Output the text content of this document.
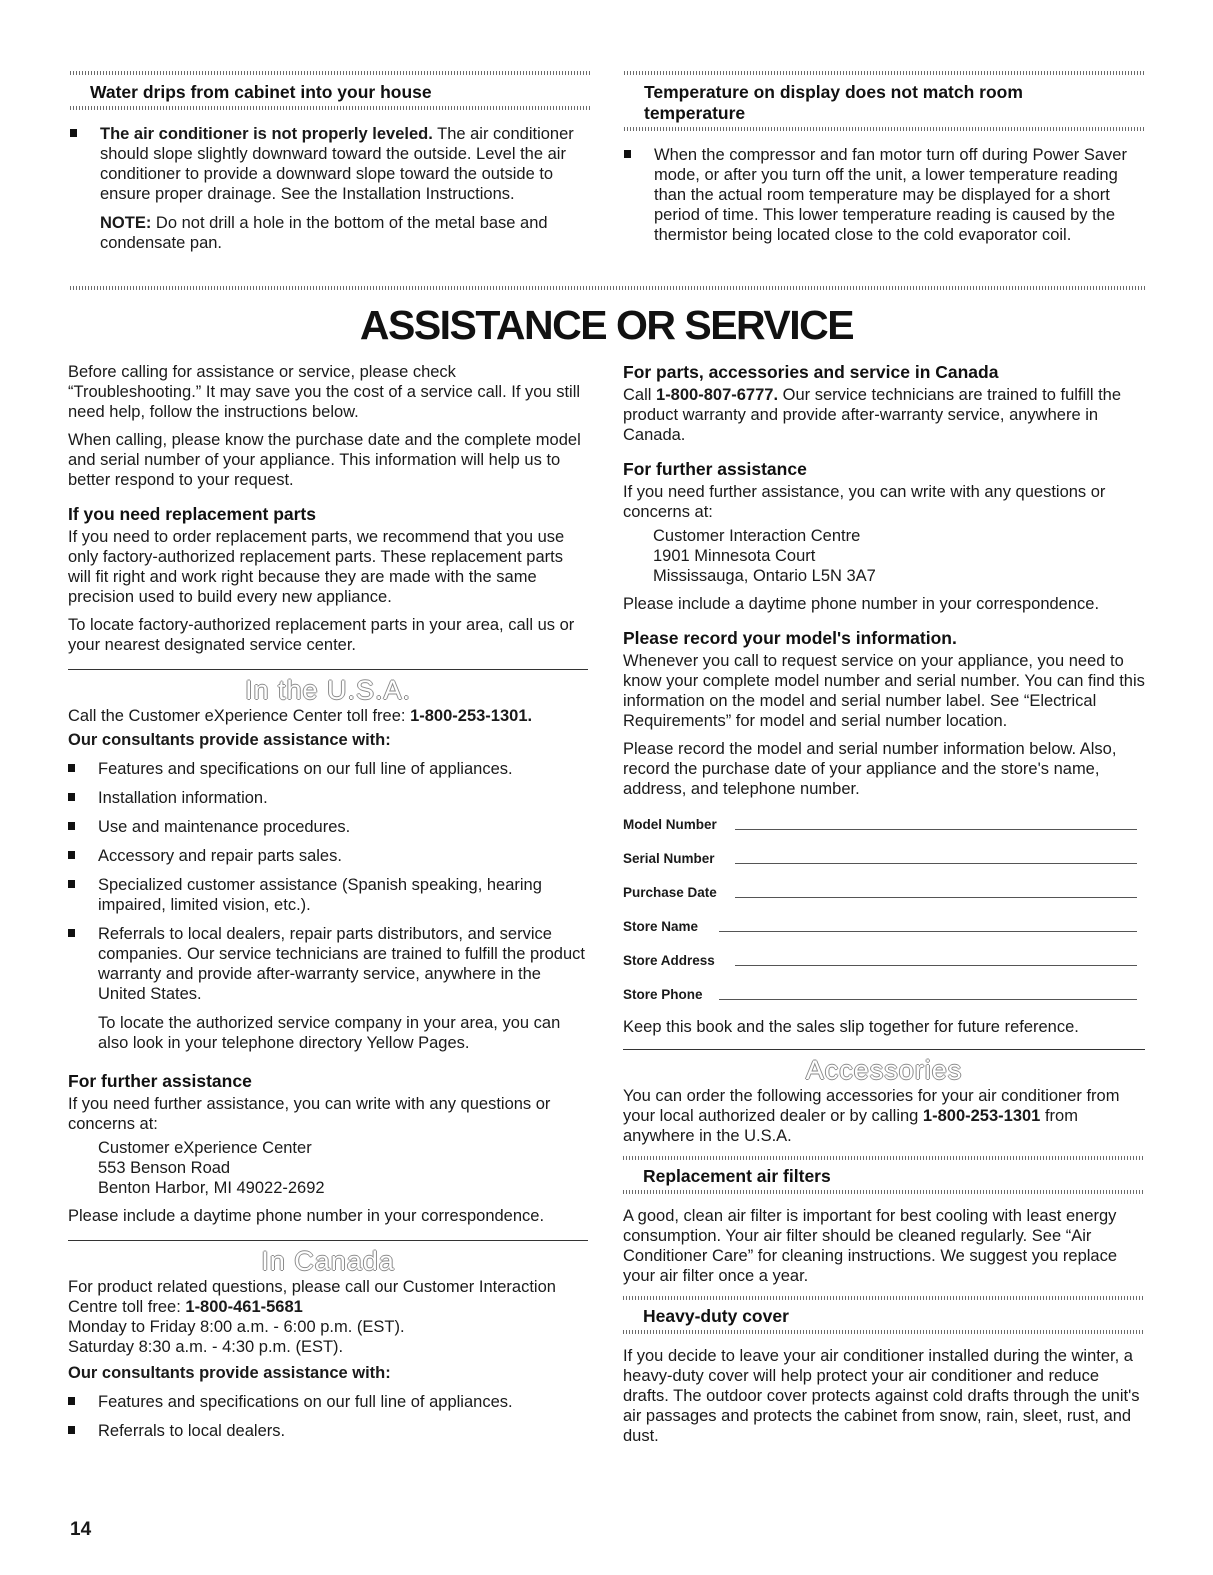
Water drips from cabinet into your house
The air conditioner is not properly leveled. The air conditioner should slope slightly downward toward the outside. Level the air conditioner to provide a downward slope toward the outside to ensure proper drainage. See the Installation Instructions.
NOTE: Do not drill a hole in the bottom of the metal base and condensate pan.
Temperature on display does not match room temperature
When the compressor and fan motor turn off during Power Saver mode, or after you turn off the unit, a lower temperature reading than the actual room temperature may be displayed for a short period of time. This lower temperature reading is caused by the thermistor being located close to the cold evaporator coil.
ASSISTANCE OR SERVICE
Before calling for assistance or service, please check “Troubleshooting.” It may save you the cost of a service call. If you still need help, follow the instructions below.
When calling, please know the purchase date and the complete model and serial number of your appliance. This information will help us to better respond to your request.
If you need replacement parts
If you need to order replacement parts, we recommend that you use only factory-authorized replacement parts. These replacement parts will fit right and work right because they are made with the same precision used to build every new appliance.
To locate factory-authorized replacement parts in your area, call us or your nearest designated service center.
In the U.S.A.
Call the Customer eXperience Center toll free: 1-800-253-1301.
Our consultants provide assistance with:
Features and specifications on our full line of appliances.
Installation information.
Use and maintenance procedures.
Accessory and repair parts sales.
Specialized customer assistance (Spanish speaking, hearing impaired, limited vision, etc.).
Referrals to local dealers, repair parts distributors, and service companies. Our service technicians are trained to fulfill the product warranty and provide after-warranty service, anywhere in the United States.
To locate the authorized service company in your area, you can also look in your telephone directory Yellow Pages.
For further assistance
If you need further assistance, you can write with any questions or concerns at:
Customer eXperience Center
553 Benson Road
Benton Harbor, MI 49022-2692
Please include a daytime phone number in your correspondence.
In Canada
For product related questions, please call our Customer Interaction Centre toll free: 1-800-461-5681
Monday to Friday 8:00 a.m. - 6:00 p.m. (EST).
Saturday 8:30 a.m. - 4:30 p.m. (EST).
Our consultants provide assistance with:
Features and specifications on our full line of appliances.
Referrals to local dealers.
For parts, accessories and service in Canada
Call 1-800-807-6777. Our service technicians are trained to fulfill the product warranty and provide after-warranty service, anywhere in Canada.
For further assistance
If you need further assistance, you can write with any questions or concerns at:
Customer Interaction Centre
1901 Minnesota Court
Mississauga, Ontario L5N 3A7
Please include a daytime phone number in your correspondence.
Please record your model's information.
Whenever you call to request service on your appliance, you need to know your complete model number and serial number. You can find this information on the model and serial number label. See “Electrical Requirements” for model and serial number location.
Please record the model and serial number information below. Also, record the purchase date of your appliance and the store's name, address, and telephone number.
Model Number
Serial Number
Purchase Date
Store Name
Store Address
Store Phone
Keep this book and the sales slip together for future reference.
Accessories
You can order the following accessories for your air conditioner from your local authorized dealer or by calling 1-800-253-1301 from anywhere in the U.S.A.
Replacement air filters
A good, clean air filter is important for best cooling with least energy consumption. Your air filter should be cleaned regularly. See “Air Conditioner Care” for cleaning instructions. We suggest you replace your air filter once a year.
Heavy-duty cover
If you decide to leave your air conditioner installed during the winter, a heavy-duty cover will help protect your air conditioner and reduce drafts. The outdoor cover protects against cold drafts through the unit's air passages and protects the cabinet from snow, rain, sleet, rust, and dust.
14
